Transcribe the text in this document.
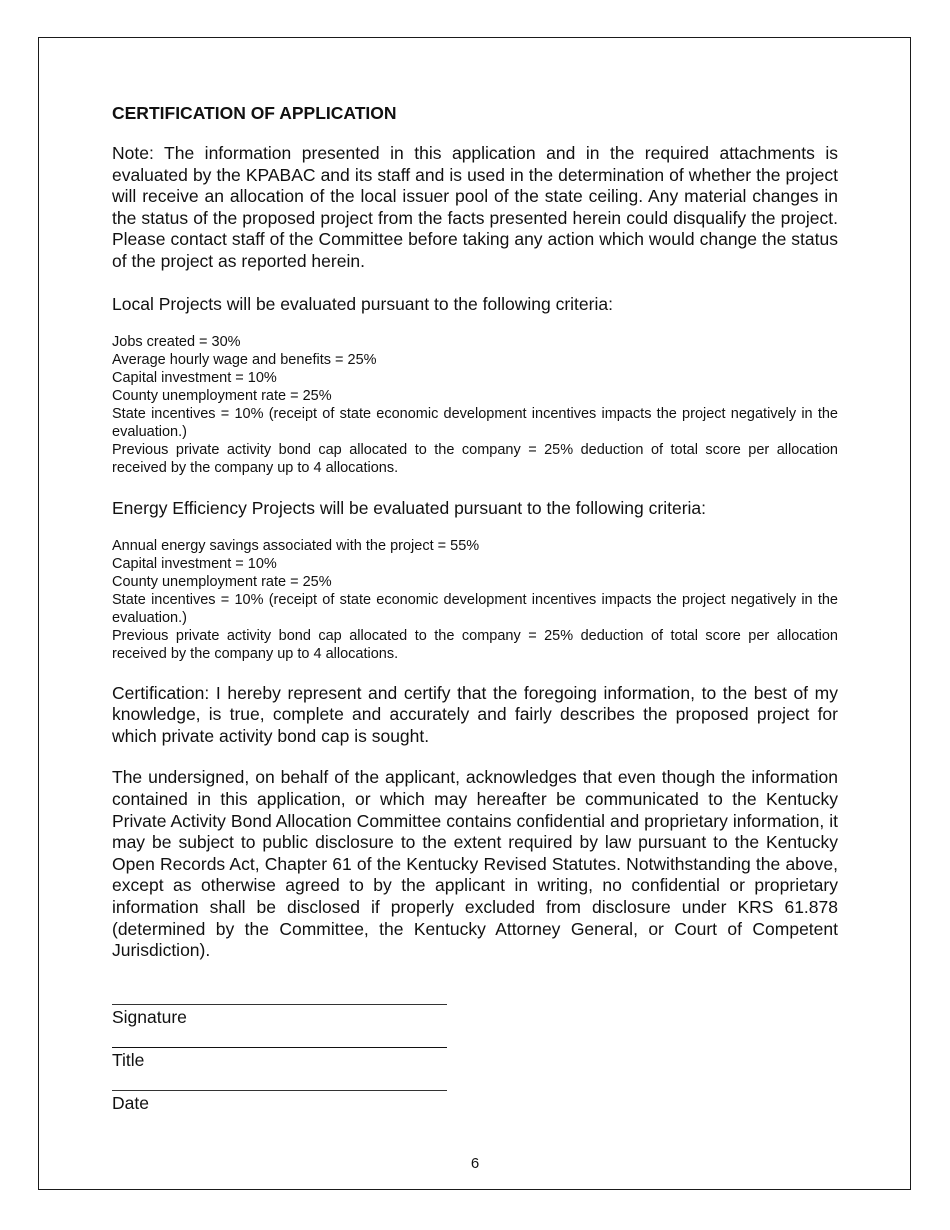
CERTIFICATION OF APPLICATION

Note: The information presented in this application and in the required attachments is evaluated by the KPABAC and its staff and is used in the determination of whether the project will receive an allocation of the local issuer pool of the state ceiling. Any material changes in the status of the proposed project from the facts presented herein could disqualify the project. Please contact staff of the Committee before taking any action which would change the status of the project as reported herein.

Local Projects will be evaluated pursuant to the following criteria:
Jobs created = 30%
Average hourly wage and benefits = 25%
Capital investment = 10%
County unemployment rate = 25%
State incentives = 10% (receipt of state economic development incentives impacts the project negatively in the evaluation.)
Previous private activity bond cap allocated to the company = 25% deduction of total score per allocation received by the company up to 4 allocations.
Energy Efficiency Projects will be evaluated pursuant to the following criteria:
Annual energy savings associated with the project = 55%
Capital investment = 10%
County unemployment rate = 25%
State incentives = 10% (receipt of state economic development incentives impacts the project negatively in the evaluation.)
Previous private activity bond cap allocated to the company = 25% deduction of total score per allocation received by the company up to 4 allocations.

Certification: I hereby represent and certify that the foregoing information, to the best of my knowledge, is true, complete and accurately and fairly describes the proposed project for which private activity bond cap is sought.

The undersigned, on behalf of the applicant, acknowledges that even though the information contained in this application, or which may hereafter be communicated to the Kentucky Private Activity Bond Allocation Committee contains confidential and proprietary information, it may be subject to public disclosure to the extent required by law pursuant to the Kentucky Open Records Act, Chapter 61 of the Kentucky Revised Statutes. Notwithstanding the above, except as otherwise agreed to by the applicant in writing, no confidential or proprietary information shall be disclosed if properly excluded from disclosure under KRS 61.878 (determined by the Committee, the Kentucky Attorney General, or Court of Competent Jurisdiction).

Signature
Title
Date
6
